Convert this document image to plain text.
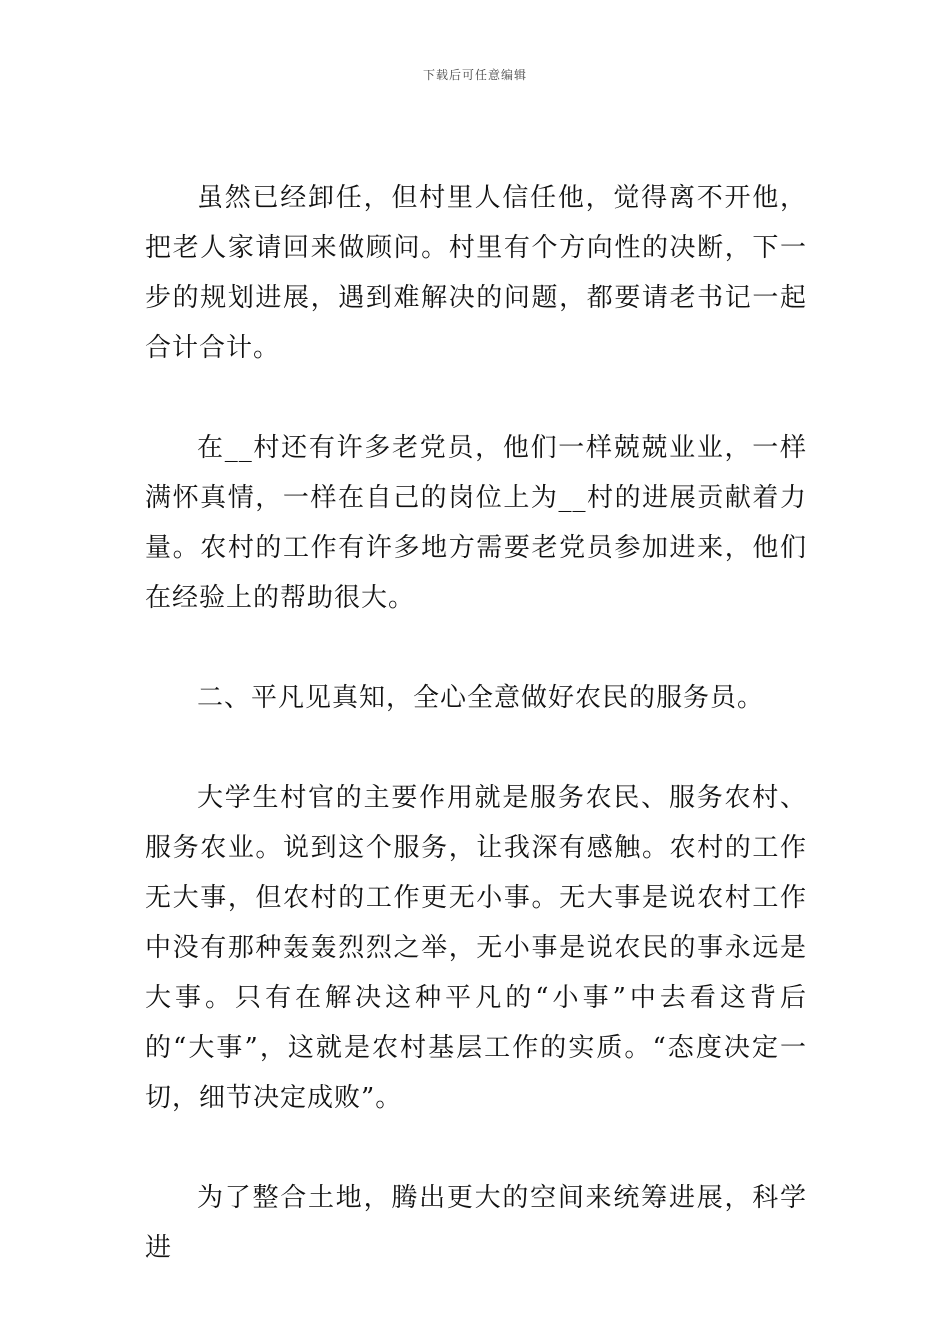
下载后可任意编辑

虽然已经卸任，但村里人信任他，觉得离不开他，把老人家请回来做顾问。村里有个方向性的决断，下一步的规划进展，遇到难解决的问题，都要请老书记一起合计合计。

在__村还有许多老党员，他们一样兢兢业业，一样满怀真情，一样在自己的岗位上为__村的进展贡献着力量。农村的工作有许多地方需要老党员参加进来，他们在经验上的帮助很大。

二、平凡见真知，全心全意做好农民的服务员。

大学生村官的主要作用就是服务农民、服务农村、服务农业。说到这个服务，让我深有感触。农村的工作无大事，但农村的工作更无小事。无大事是说农村工作中没有那种轰轰烈烈之举，无小事是说农民的事永远是大事。只有在解决这种平凡的“小事”中去看这背后的“大事”，这就是农村基层工作的实质。“态度决定一切，细节决定成败”。

为了整合土地，腾出更大的空间来统筹进展，科学进
